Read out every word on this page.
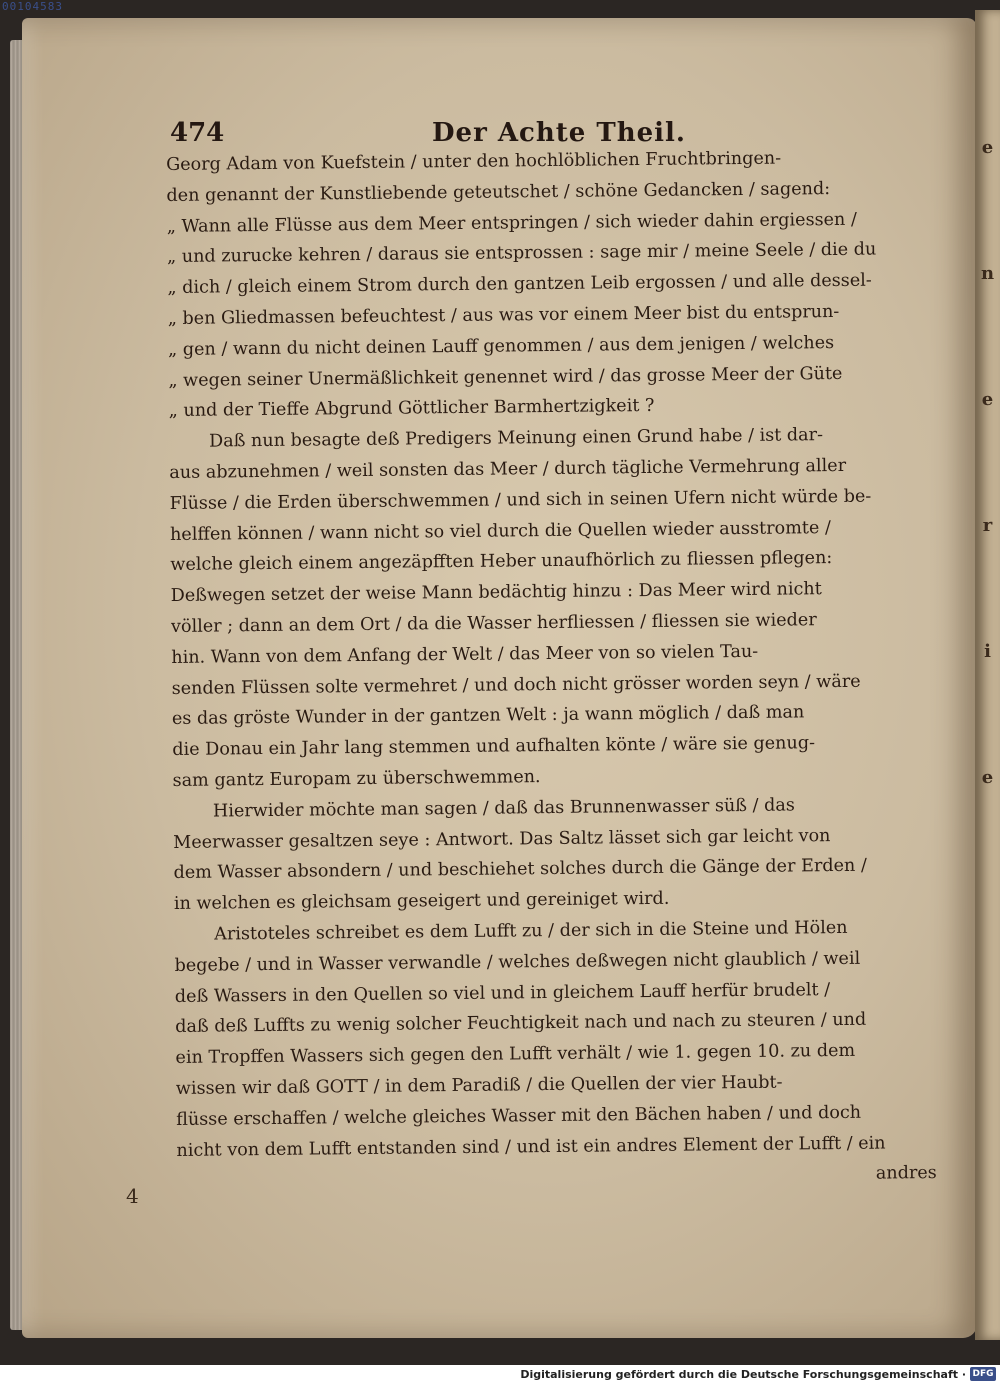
00104583
e
n
e
r
i
e
474	Der Achte Theil.
Georg Adam von Kuefstein / unter den hochlöblichen Fruchtbringen-
den genannt der Kunstliebende geteutschet / schöne Gedancken / sagend:
„ Wann alle Flüsse aus dem Meer entspringen / sich wieder dahin ergiessen /
„ und zurucke kehren / daraus sie entsprossen : sage mir / meine Seele / die du
„ dich / gleich einem Strom durch den gantzen Leib ergossen / und alle dessel-
„ ben Gliedmassen befeuchtest / aus was vor einem Meer bist du entsprun-
„ gen / wann du nicht deinen Lauff genommen / aus dem jenigen / welches
„ wegen seiner Unermäßlichkeit genennet wird / das grosse Meer der Güte
„ und der Tieffe Abgrund Göttlicher Barmhertzigkeit ?
Daß nun besagte deß Predigers Meinung einen Grund habe / ist dar-
aus abzunehmen / weil sonsten das Meer / durch tägliche Vermehrung aller
Flüsse / die Erden überschwemmen / und sich in seinen Ufern nicht würde be-
helffen können / wann nicht so viel durch die Quellen wieder ausstromte /
welche gleich einem angezäpfften Heber unaufhörlich zu fliessen pflegen:
Deßwegen setzet der weise Mann bedächtig hinzu : Das Meer wird nicht
völler ; dann an dem Ort / da die Wasser herfliessen / fliessen sie wieder
hin. Wann von dem Anfang der Welt / das Meer von so vielen Tau-
senden Flüssen solte vermehret / und doch nicht grösser worden seyn / wäre
es das gröste Wunder in der gantzen Welt : ja wann möglich / daß man
die Donau ein Jahr lang stemmen und aufhalten könte / wäre sie genug-
sam gantz Europam zu überschwemmen.
Hierwider möchte man sagen / daß das Brunnenwasser süß / das
Meerwasser gesaltzen seye : Antwort. Das Saltz lässet sich gar leicht von
dem Wasser absondern / und beschiehet solches durch die Gänge der Erden /
in welchen es gleichsam geseigert und gereiniget wird.
Aristoteles schreibet es dem Lufft zu / der sich in die Steine und Hölen
begebe / und in Wasser verwandle / welches deßwegen nicht glaublich / weil
deß Wassers in den Quellen so viel und in gleichem Lauff herfür brudelt /
daß deß Luffts zu wenig solcher Feuchtigkeit nach und nach zu steuren / und
ein Tropffen Wassers sich gegen den Lufft verhält / wie 1. gegen 10. zu dem
wissen wir daß GOTT / in dem Paradiß / die Quellen der vier Haubt-
flüsse erschaffen / welche gleiches Wasser mit den Bächen haben / und doch
nicht von dem Lufft entstanden sind / und ist ein andres Element der Lufft / ein
andres
4
Digitalisierung gefördert durch die Deutsche Forschungsgemeinschaft · DFG
